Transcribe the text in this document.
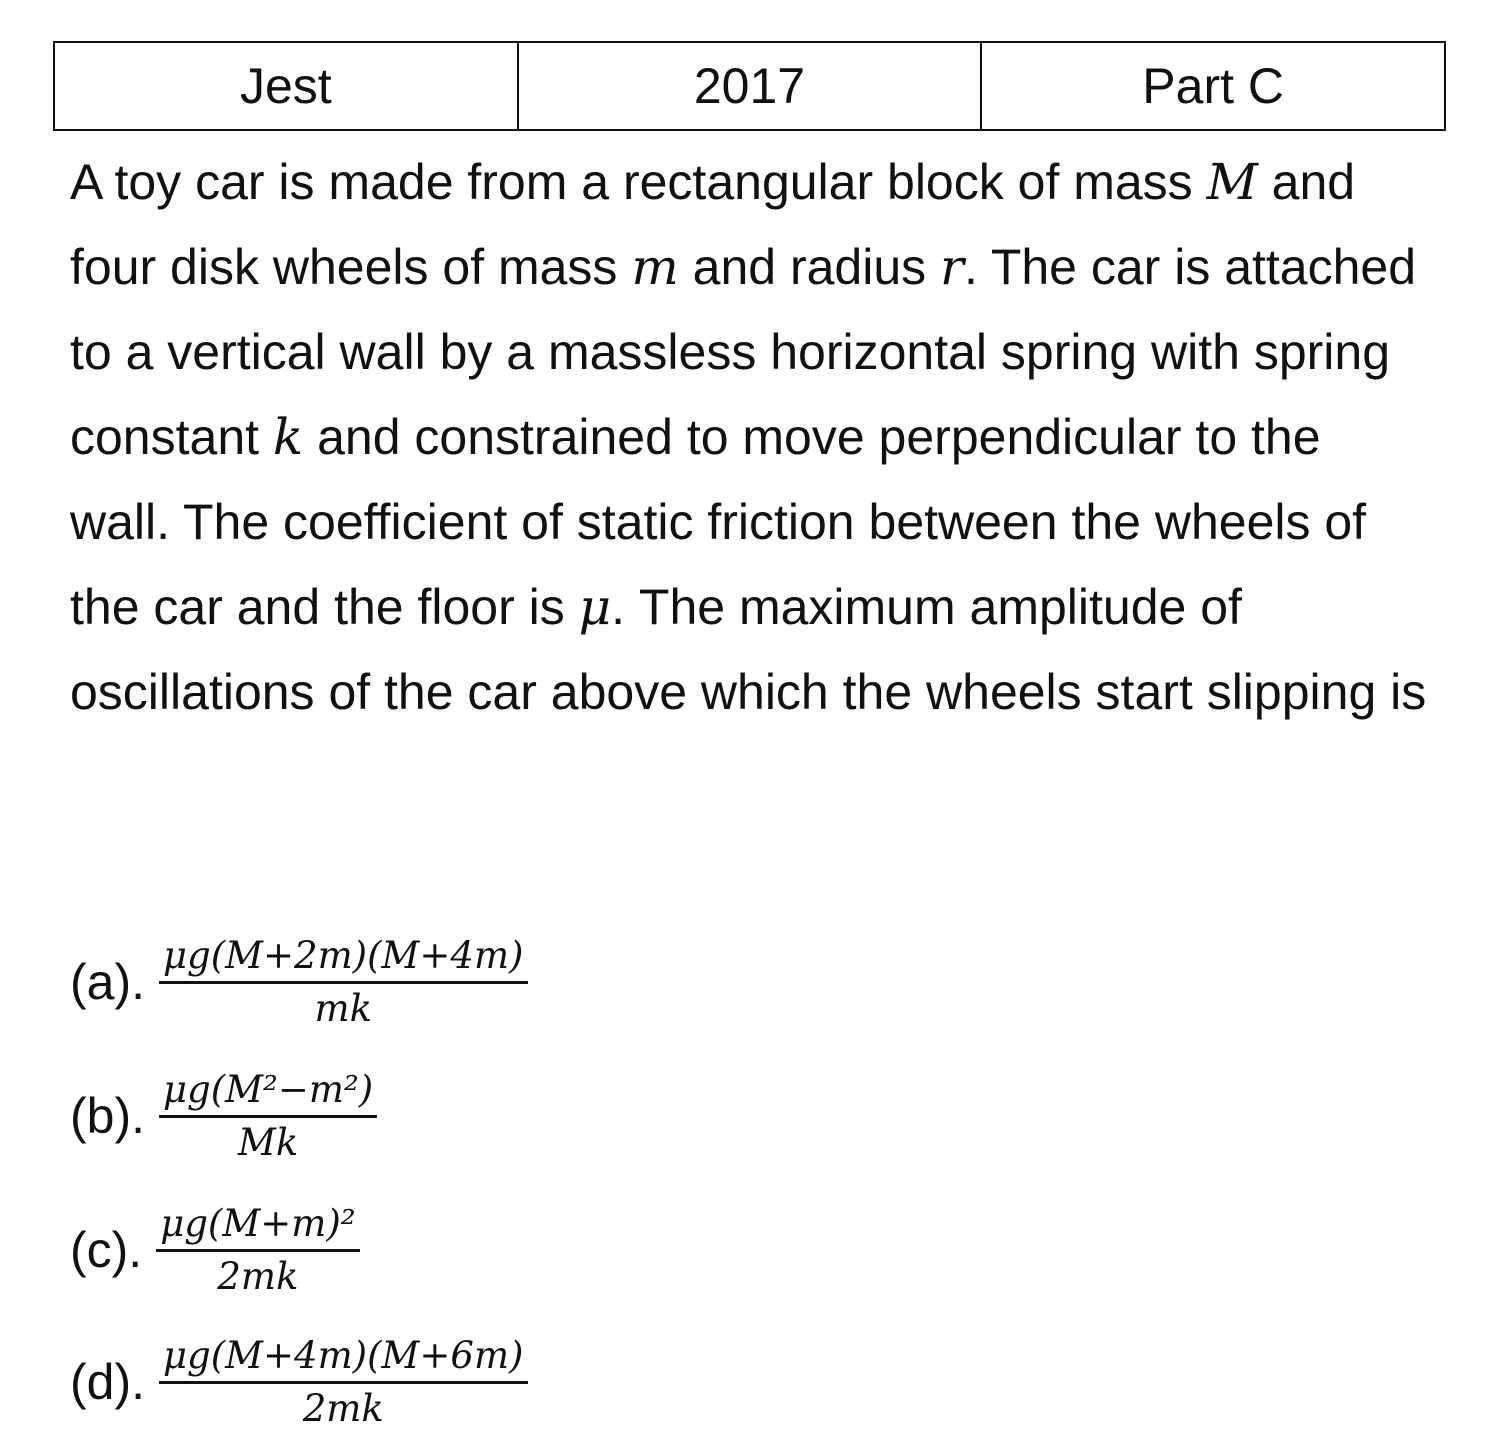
Jest	2017	Part C
A toy car is made from a rectangular block of mass M and four disk wheels of mass m and radius r. The car is attached to a vertical wall by a massless horizontal spring with spring constant k and constrained to move perpendicular to the wall. The coefficient of static friction between the wheels of the car and the floor is μ. The maximum amplitude of oscillations of the car above which the wheels start slipping is
(a). $\frac{\mu g(M+2m)(M+4m)}{mk}$
(b). $\frac{\text{μg(M²−m²)}}{Mk}$
(c). $\frac{\text{μg(M+m)²}}{2mk}$
(d). $\frac{\mu g(M+4m)(M+6m)}{2mk}$
